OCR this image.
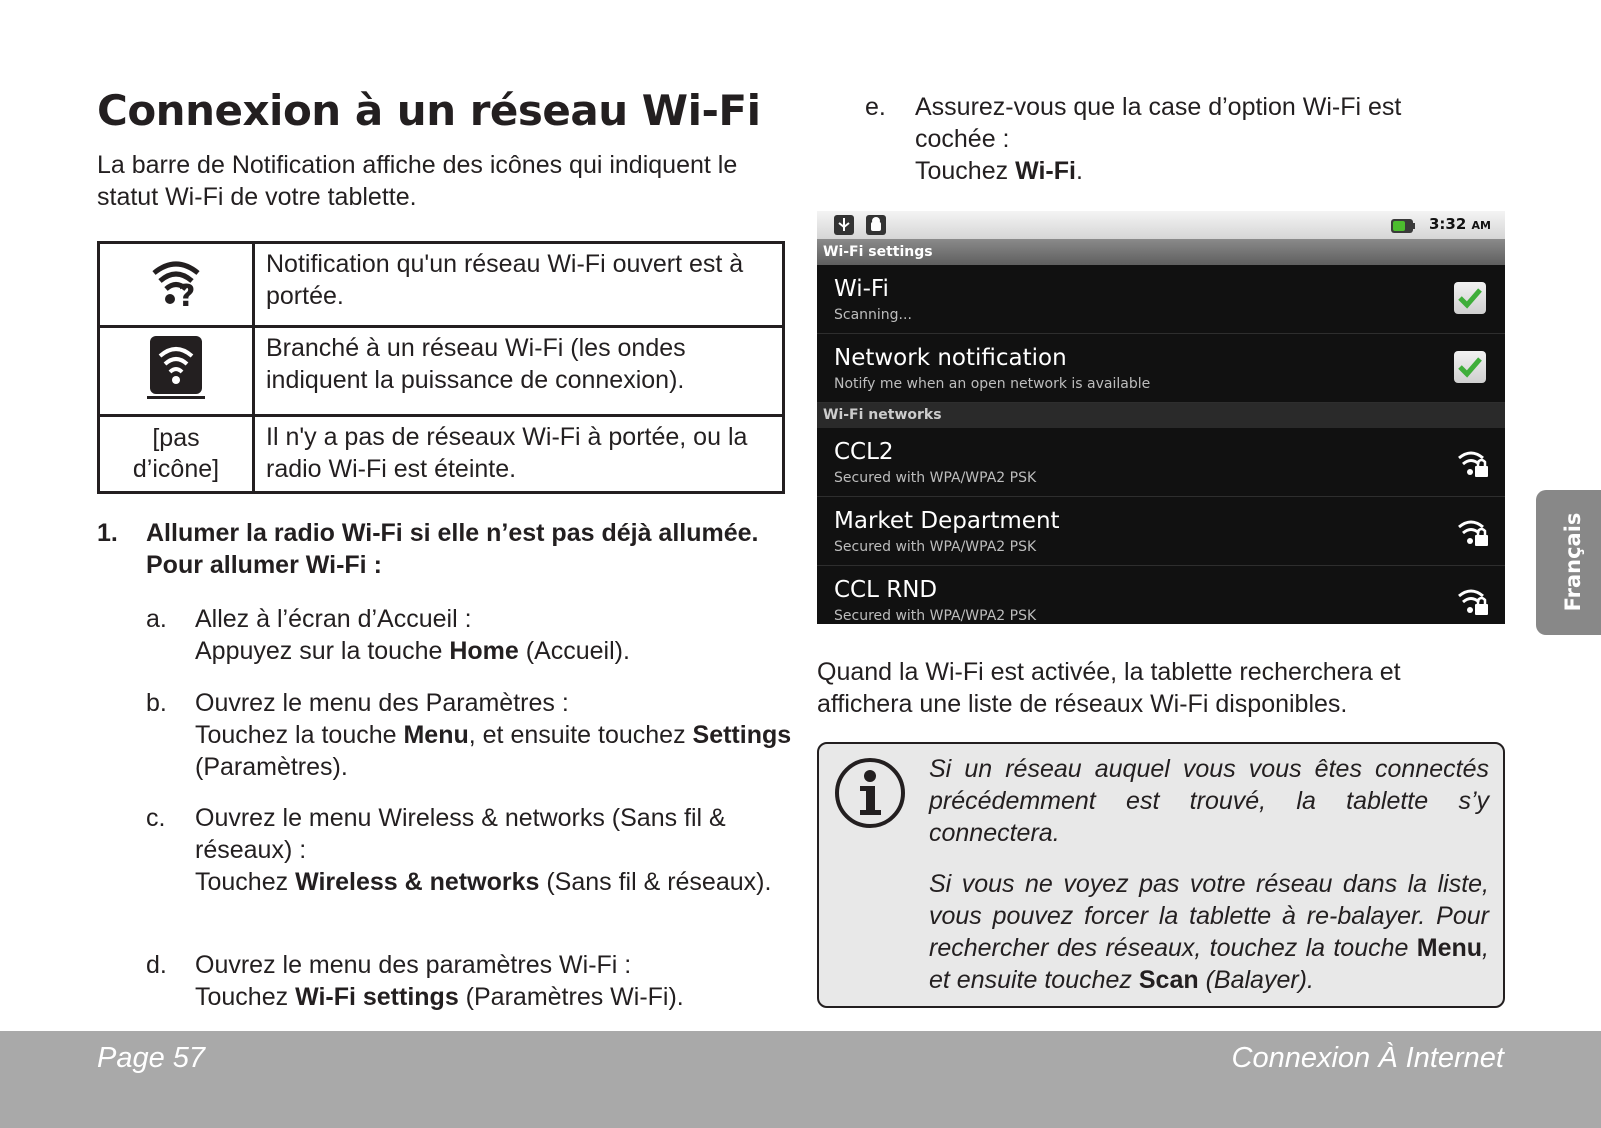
Connexion à un réseau Wi-Fi
La barre de Notification affiche des icônes qui indiquent le statut Wi-Fi de votre tablette.
?	Notification qu'un réseau Wi-Fi ouvert est à portée.
	Branché à un réseau Wi-Fi (les ondes indiquent la puissance de connexion).
[pas d’icône]	Il n'y a pas de réseaux Wi-Fi à portée, ou la radio Wi-Fi est éteinte.
1. Allumer la radio Wi-Fi si elle n’est pas déjà allumée. Pour allumer Wi-Fi :
a. Allez à l’écran d’Accueil :
Appuyez sur la touche Home (Accueil).
b. Ouvrez le menu des Paramètres :
Touchez la touche Menu, et ensuite touchez Settings (Paramètres).
c. Ouvrez le menu Wireless & networks (Sans fil & réseaux) :
Touchez Wireless & networks (Sans fil & réseaux).
d. Ouvrez le menu des paramètres Wi-Fi :
Touchez Wi-Fi settings (Paramètres Wi-Fi).
e. Assurez-vous que la case d’option Wi-Fi est cochée :
Touchez Wi-Fi.
3:32 AM
Wi-Fi settings
Wi-Fi
Scanning...
Network notification
Notify me when an open network is available
Wi-Fi networks
CCL2
Secured with WPA/WPA2 PSK
Market Department
Secured with WPA/WPA2 PSK
CCL RND
Secured with WPA/WPA2 PSK
Quand la Wi-Fi est activée, la tablette recherchera et affichera une liste de réseaux Wi-Fi disponibles.

Si un réseau auquel vous vous êtes connectés précédemment est trouvé, la tablette s’y connectera.

Si vous ne voyez pas votre réseau dans la liste, vous pouvez forcer la tablette à re-balayer. Pour rechercher des réseaux, touchez la touche Menu, et ensuite touchez Scan (Balayer).

Français
Page 57	Connexion À Internet
